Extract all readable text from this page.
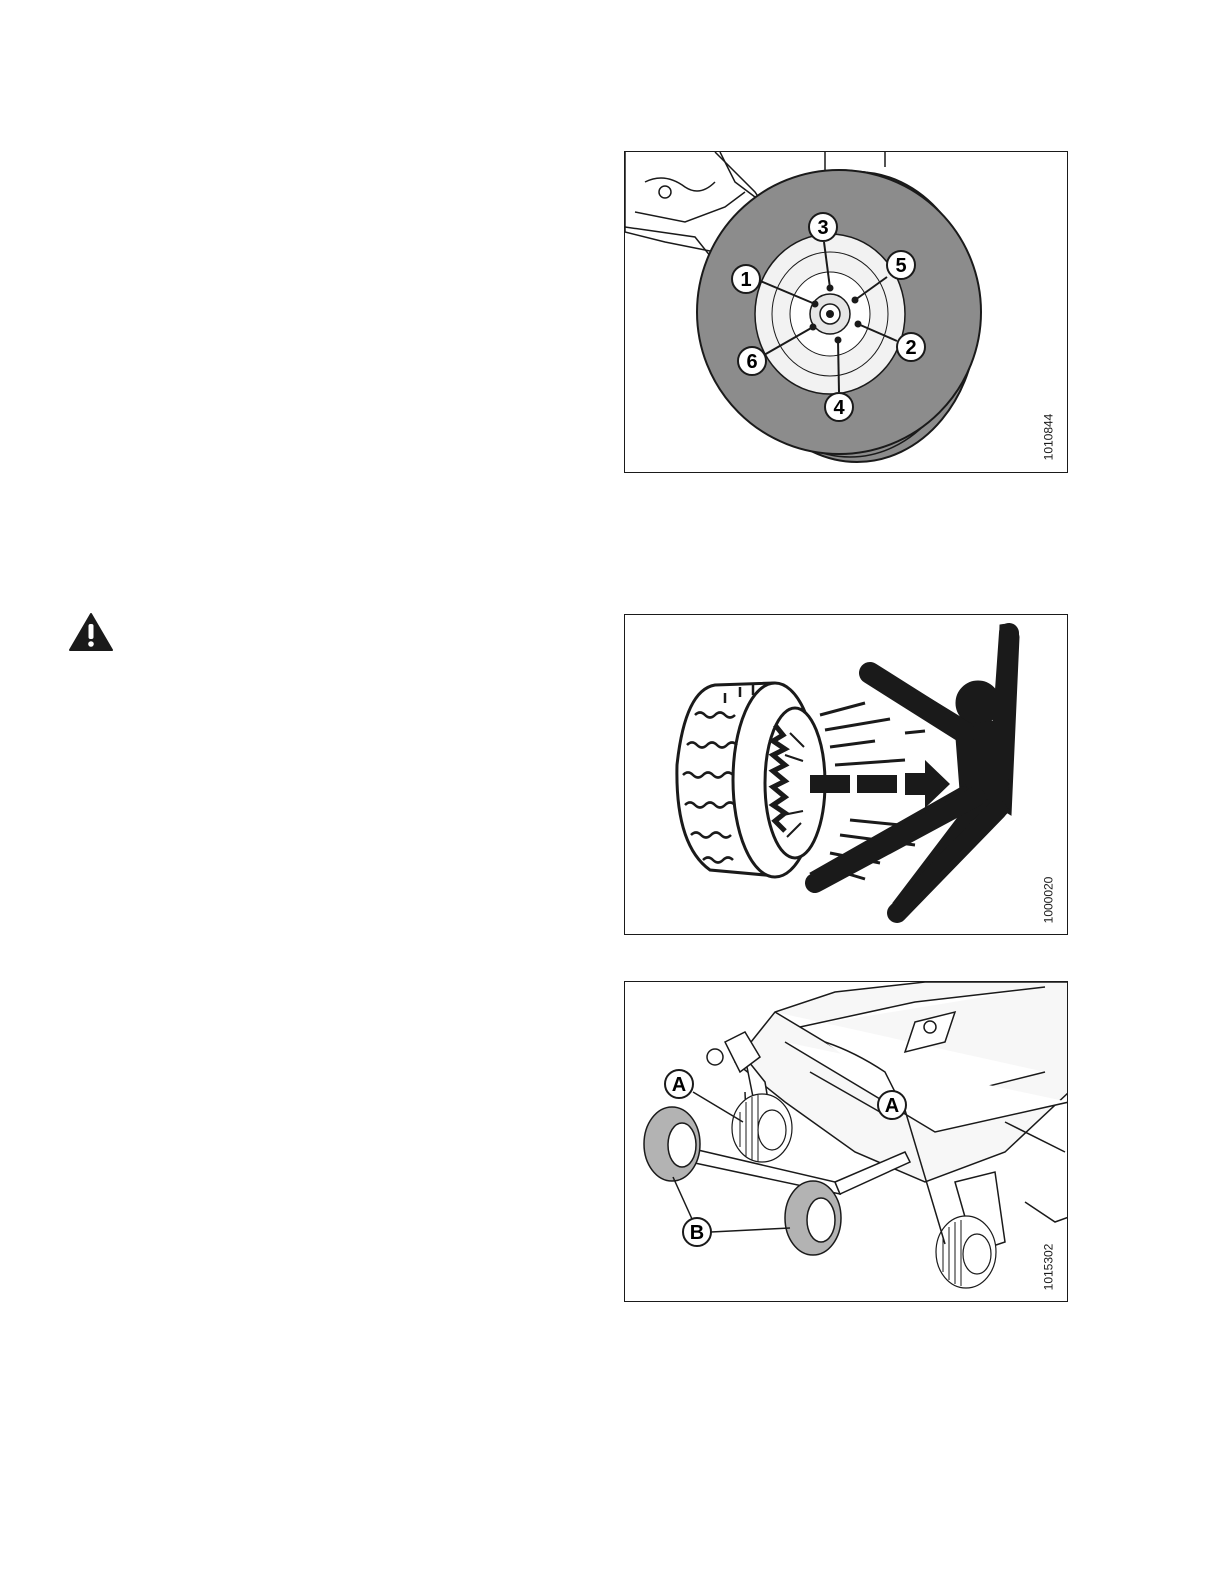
1
2
3
4
5
6
1010844
1000020
A
A
B
1015302
